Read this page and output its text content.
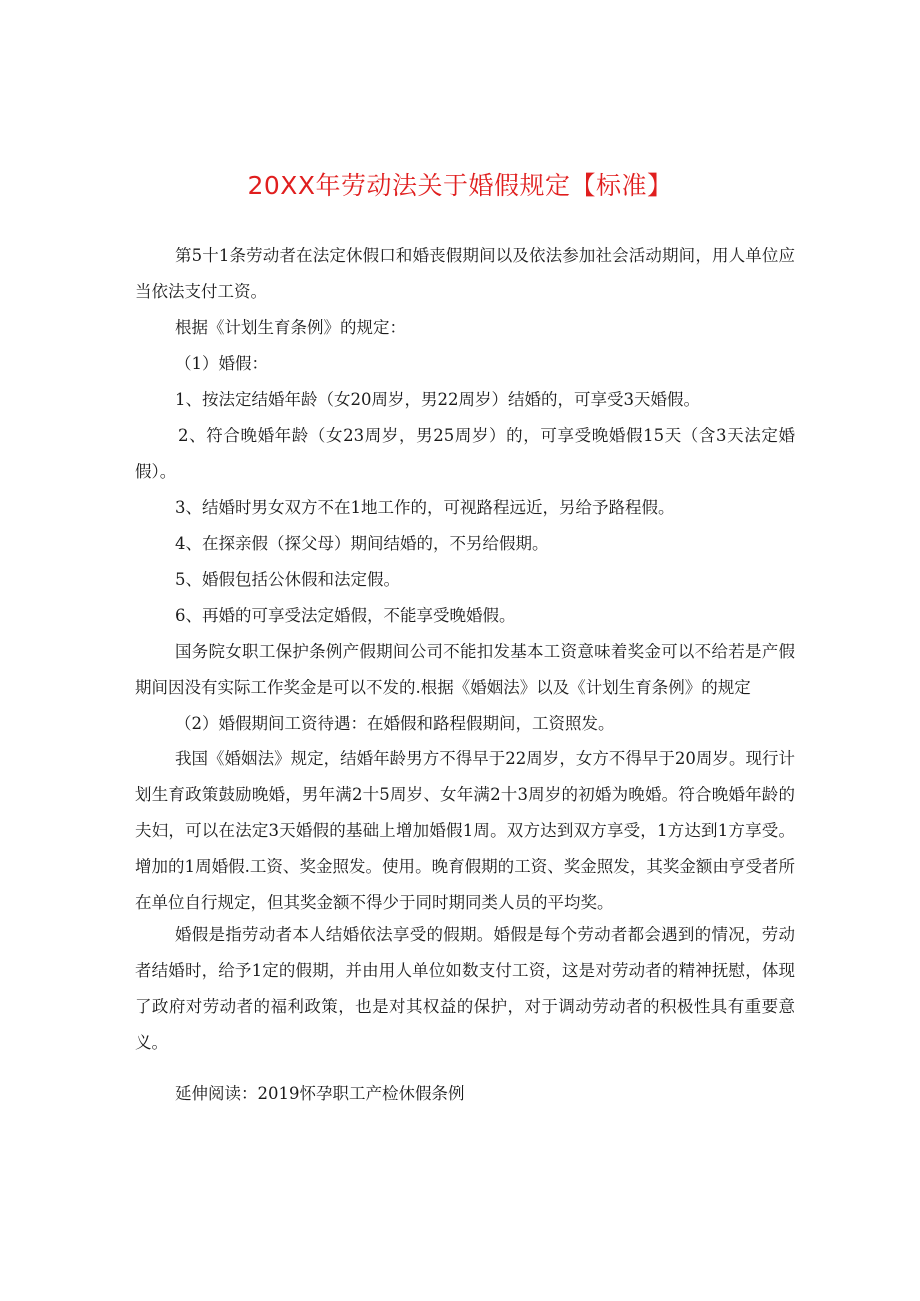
20XX年劳动法关于婚假规定【标准】

第5十1条劳动者在法定休假口和婚丧假期间以及依法参加社会活动期间，用人单位应当依法支付工资。

根据《计划生育条例》的规定：

（1）婚假：

1、按法定结婚年龄（女20周岁，男22周岁）结婚的，可享受3天婚假。

2、符合晚婚年龄（女23周岁，男25周岁）的，可享受晚婚假15天（含3天法定婚假）。

3、结婚时男女双方不在1地工作的，可视路程远近，另给予路程假。

4、在探亲假（探父母）期间结婚的，不另给假期。

5、婚假包括公休假和法定假。

6、再婚的可享受法定婚假，不能享受晚婚假。

国务院女职工保护条例产假期间公司不能扣发基本工资意味着奖金可以不给若是产假期间因没有实际工作奖金是可以不发的.根据《婚姻法》以及《计划生育条例》的规定

（2）婚假期间工资待遇：在婚假和路程假期间，工资照发。

我国《婚姻法》规定，结婚年龄男方不得早于22周岁，女方不得早于20周岁。现行计划生育政策鼓励晚婚，男年满2十5周岁、女年满2十3周岁的初婚为晚婚。符合晚婚年龄的夫妇，可以在法定3天婚假的基础上增加婚假1周。双方达到双方享受，1方达到1方享受。增加的1周婚假.工资、奖金照发。使用。晚育假期的工资、奖金照发，其奖金额由亨受者所在单位自行规定，但其奖金额不得少于同时期同类人员的平均奖。

婚假是指劳动者本人结婚依法享受的假期。婚假是每个劳动者都会遇到的情况，劳动者结婚时，给予1定的假期，并由用人单位如数支付工资，这是对劳动者的精神抚慰，体现了政府对劳动者的福利政策，也是对其权益的保护，对于调动劳动者的积极性具有重要意义。

延伸阅读：2019怀孕职工产检休假条例
